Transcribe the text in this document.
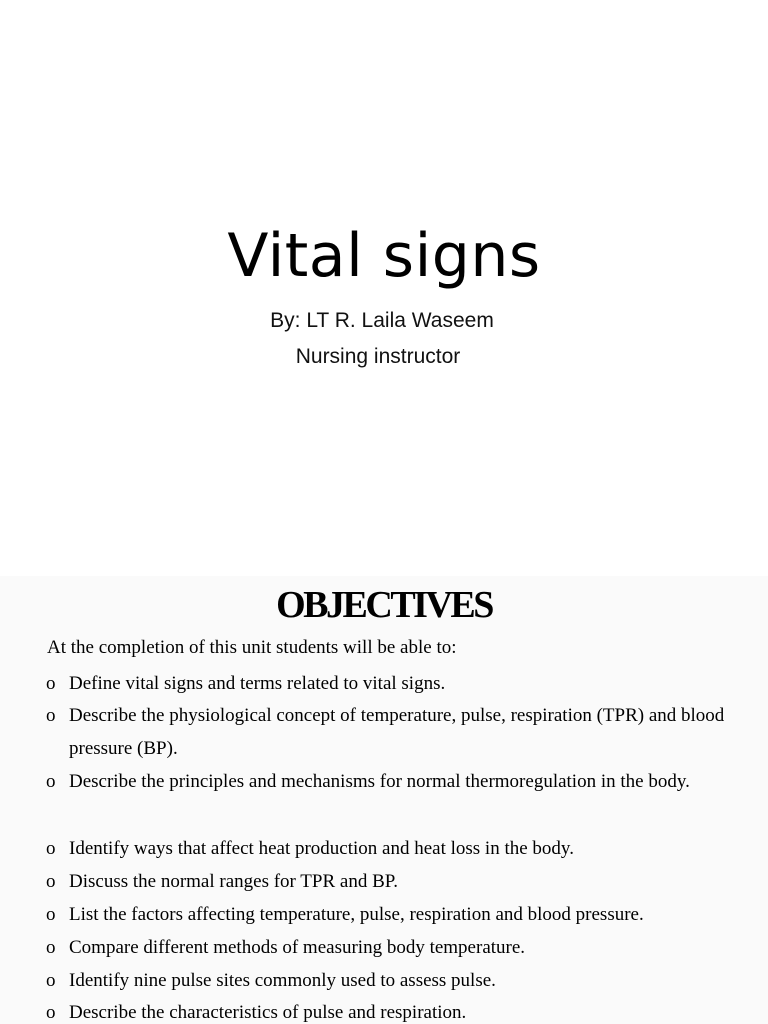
Vital signs
By: LT R. Laila Waseem
Nursing instructor
OBJECTIVES
At the completion of this unit students will be able to:
o Define vital signs and terms related to vital signs.
o Describe the physiological concept of temperature, pulse, respiration (TPR) and blood pressure (BP).
o Describe the principles and mechanisms for normal thermoregulation in the body.
o Identify ways that affect heat production and heat loss in the body.
o Discuss the normal ranges for TPR and BP.
o List the factors affecting temperature, pulse, respiration and blood pressure.
o Compare different methods of measuring body temperature.
o Identify nine pulse sites commonly used to assess pulse.
o Describe the characteristics of pulse and respiration.
